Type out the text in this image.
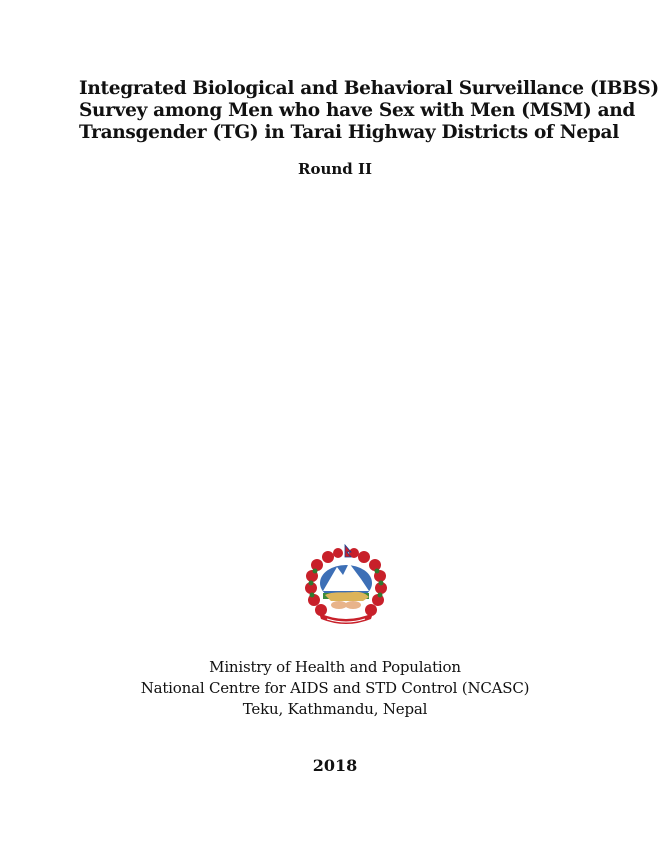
Integrated Biological and Behavioral Surveillance (IBBS)
Survey among Men who have Sex with Men (MSM) and
Transgender (TG) in Tarai Highway Districts of Nepal
Round II
Ministry of Health and Population
National Centre for AIDS and STD Control (NCASC)
Teku, Kathmandu, Nepal
2018
